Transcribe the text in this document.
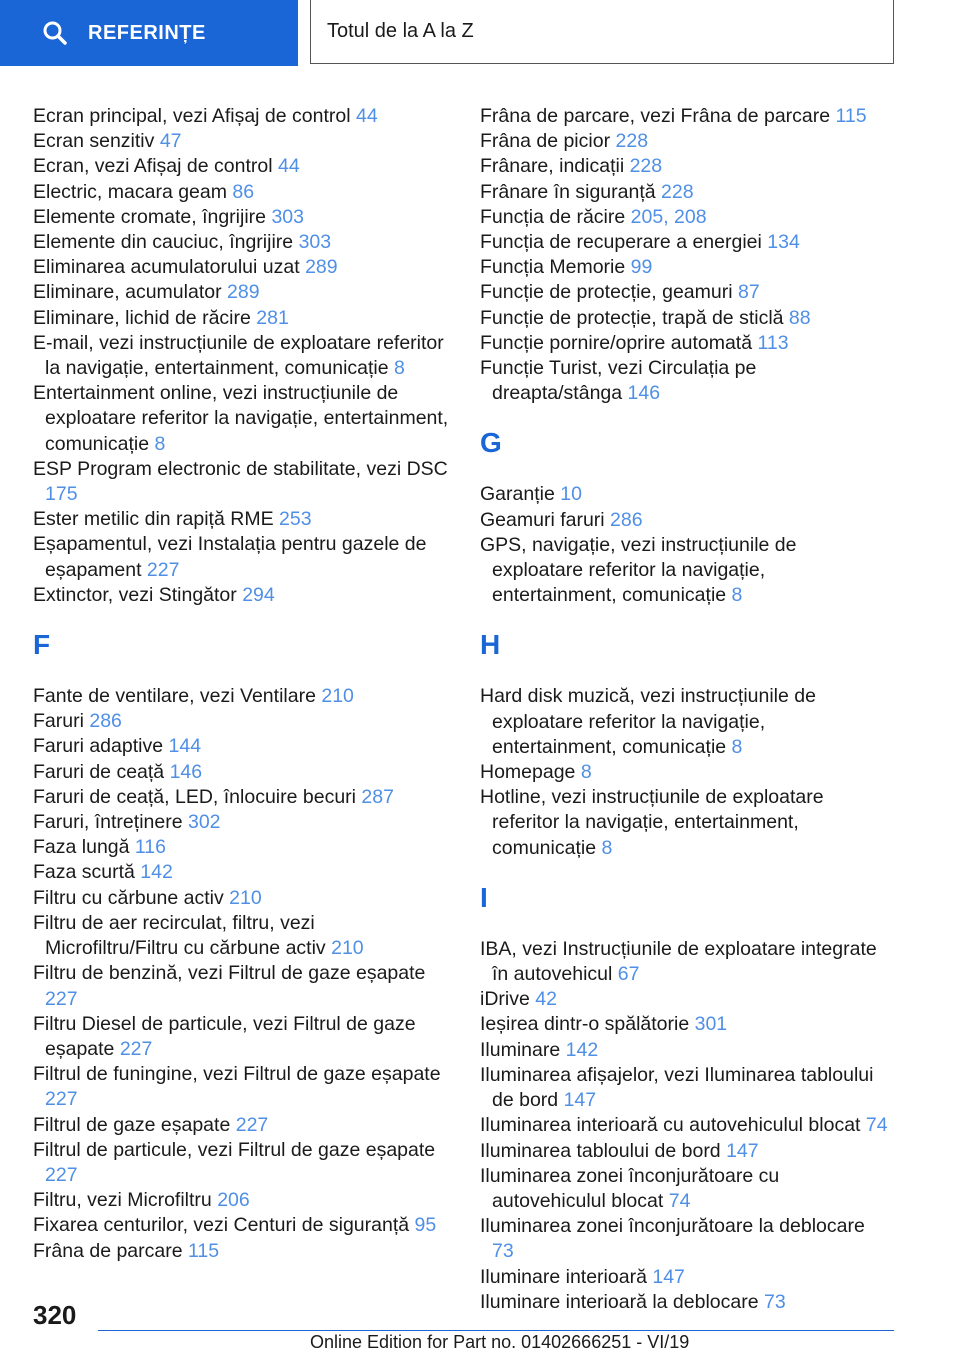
REFERINȚE	Totul de la A la Z
Ecran principal, vezi Afișaj de control 44
Ecran senzitiv 47
Ecran, vezi Afișaj de control 44
Electric, macara geam 86
Elemente cromate, îngrijire 303
Elemente din cauciuc, îngrijire 303
Eliminarea acumulatorului uzat 289
Eliminare, acumulator 289
Eliminare, lichid de răcire 281
E-mail, vezi instrucțiunile de exploatare referitor la navigație, entertainment, comunicație 8
Entertainment online, vezi instrucțiunile de exploatare referitor la navigație, entertainment, comunicație 8
ESP Program electronic de stabilitate, vezi DSC 175
Ester metilic din rapiță RME 253
Eșapamentul, vezi Instalația pentru gazele de eșapament 227
Extinctor, vezi Stingător 294
F
Fante de ventilare, vezi Ventilare 210
Faruri 286
Faruri adaptive 144
Faruri de ceață 146
Faruri de ceață, LED, înlocuire becuri 287
Faruri, întreținere 302
Faza lungă 116
Faza scurtă 142
Filtru cu cărbune activ 210
Filtru de aer recirculat, filtru, vezi Microfiltru/Filtru cu cărbune activ 210
Filtru de benzină, vezi Filtrul de gaze eșapate 227
Filtru Diesel de particule, vezi Filtrul de gaze eșapate 227
Filtrul de funingine, vezi Filtrul de gaze eșapate 227
Filtrul de gaze eșapate 227
Filtrul de particule, vezi Filtrul de gaze eșapate 227
Filtru, vezi Microfiltru 206
Fixarea centurilor, vezi Centuri de siguranță 95
Frâna de parcare 115
Frâna de parcare, vezi Frâna de parcare 115
Frâna de picior 228
Frânare, indicații 228
Frânare în siguranță 228
Funcția de răcire 205, 208
Funcția de recuperare a energiei 134
Funcția Memorie 99
Funcție de protecție, geamuri 87
Funcție de protecție, trapă de sticlă 88
Funcție pornire/oprire automată 113
Funcție Turist, vezi Circulația pe dreapta/stânga 146
G
Garanție 10
Geamuri faruri 286
GPS, navigație, vezi instrucțiunile de exploatare referitor la navigație, entertainment, comunicație 8
H
Hard disk muzică, vezi instrucțiunile de exploatare referitor la navigație, entertainment, comunicație 8
Homepage 8
Hotline, vezi instrucțiunile de exploatare referitor la navigație, entertainment, comunicație 8
I
IBA, vezi Instrucțiunile de exploatare integrate în autovehicul 67
iDrive 42
Ieșirea dintr-o spălătorie 301
Iluminare 142
Iluminarea afișajelor, vezi Iluminarea tabloului de bord 147
Iluminarea interioară cu autovehiculul blocat 74
Iluminarea tabloului de bord 147
Iluminarea zonei înconjurătoare cu autovehiculul blocat 74
Iluminarea zonei înconjurătoare la deblocare 73
Iluminare interioară 147
Iluminare interioară la deblocare 73
320
Online Edition for Part no. 01402666251 - VI/19
